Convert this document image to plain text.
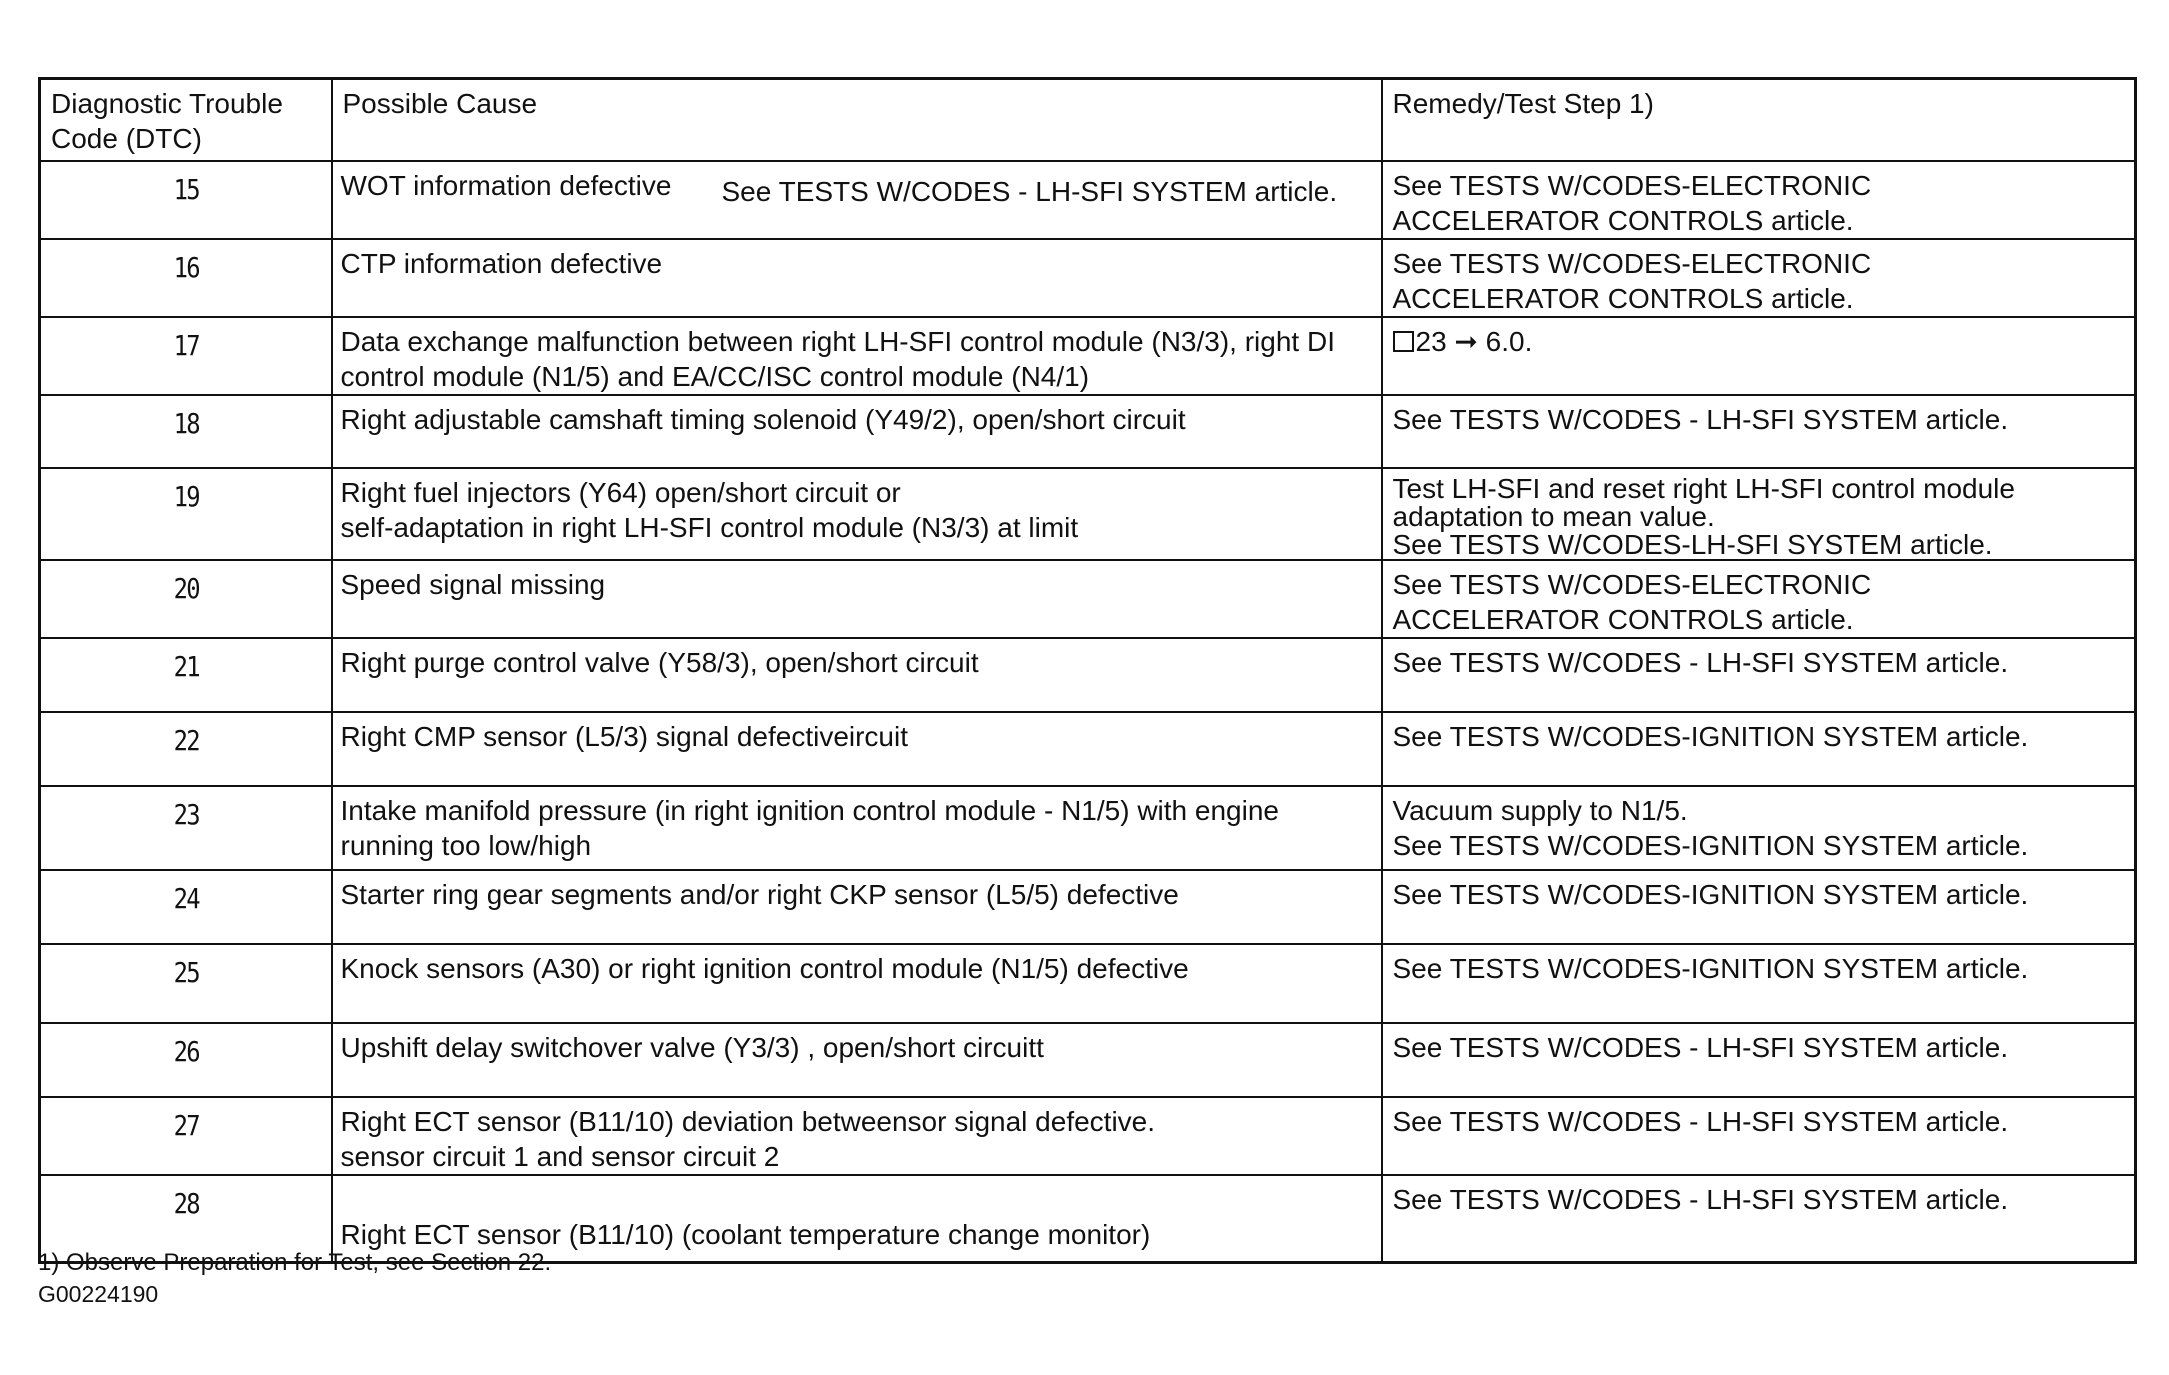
Diagnostic Trouble
Code (DTC)	Possible Cause	Remedy/Test Step 1)
15	WOT information defective See TESTS W/CODES - LH-SFI SYSTEM article.	See TESTS W/CODES-ELECTRONIC
ACCELERATOR CONTROLS article.

16	CTP information defective	See TESTS W/CODES-ELECTRONIC
ACCELERATOR CONTROLS article.

17	Data exchange malfunction between right LH-SFI control module (N3/3), right DI
control module (N1/5) and EA/CC/ISC control module (N4/1)	23 ➞ 6.0.

18	Right adjustable camshaft timing solenoid (Y49/2), open/short circuit	See TESTS W/CODES - LH-SFI SYSTEM article.

19	Right fuel injectors (Y64) open/short circuit or
self-adaptation in right LH-SFI control module (N3/3) at limit	Test LH-SFI and reset right LH-SFI control module
adaptation to mean value.
See TESTS W/CODES-LH-SFI SYSTEM article.

20	Speed signal missing	See TESTS W/CODES-ELECTRONIC
ACCELERATOR CONTROLS article.

21	Right purge control valve (Y58/3), open/short circuit	See TESTS W/CODES - LH-SFI SYSTEM article.

22	Right CMP sensor (L5/3) signal defectiveircuit	See TESTS W/CODES-IGNITION SYSTEM article.

23	Intake manifold pressure (in right ignition control module - N1/5) with engine
running too low/high	Vacuum supply to N1/5.
See TESTS W/CODES-IGNITION SYSTEM article.

24	Starter ring gear segments and/or right CKP sensor (L5/5) defective	See TESTS W/CODES-IGNITION SYSTEM article.

25	Knock sensors (A30) or right ignition control module (N1/5) defective	See TESTS W/CODES-IGNITION SYSTEM article.

26	Upshift delay switchover valve (Y3/3) , open/short circuitt	See TESTS W/CODES - LH-SFI SYSTEM article.

27	Right ECT sensor (B11/10) deviation betweensor signal defective.
sensor circuit 1 and sensor circuit 2	See TESTS W/CODES - LH-SFI SYSTEM article.

28	Right ECT sensor (B11/10) (coolant temperature change monitor)	See TESTS W/CODES - LH-SFI SYSTEM article.
1) Observe Preparation for Test, see Section 22.
G00224190
